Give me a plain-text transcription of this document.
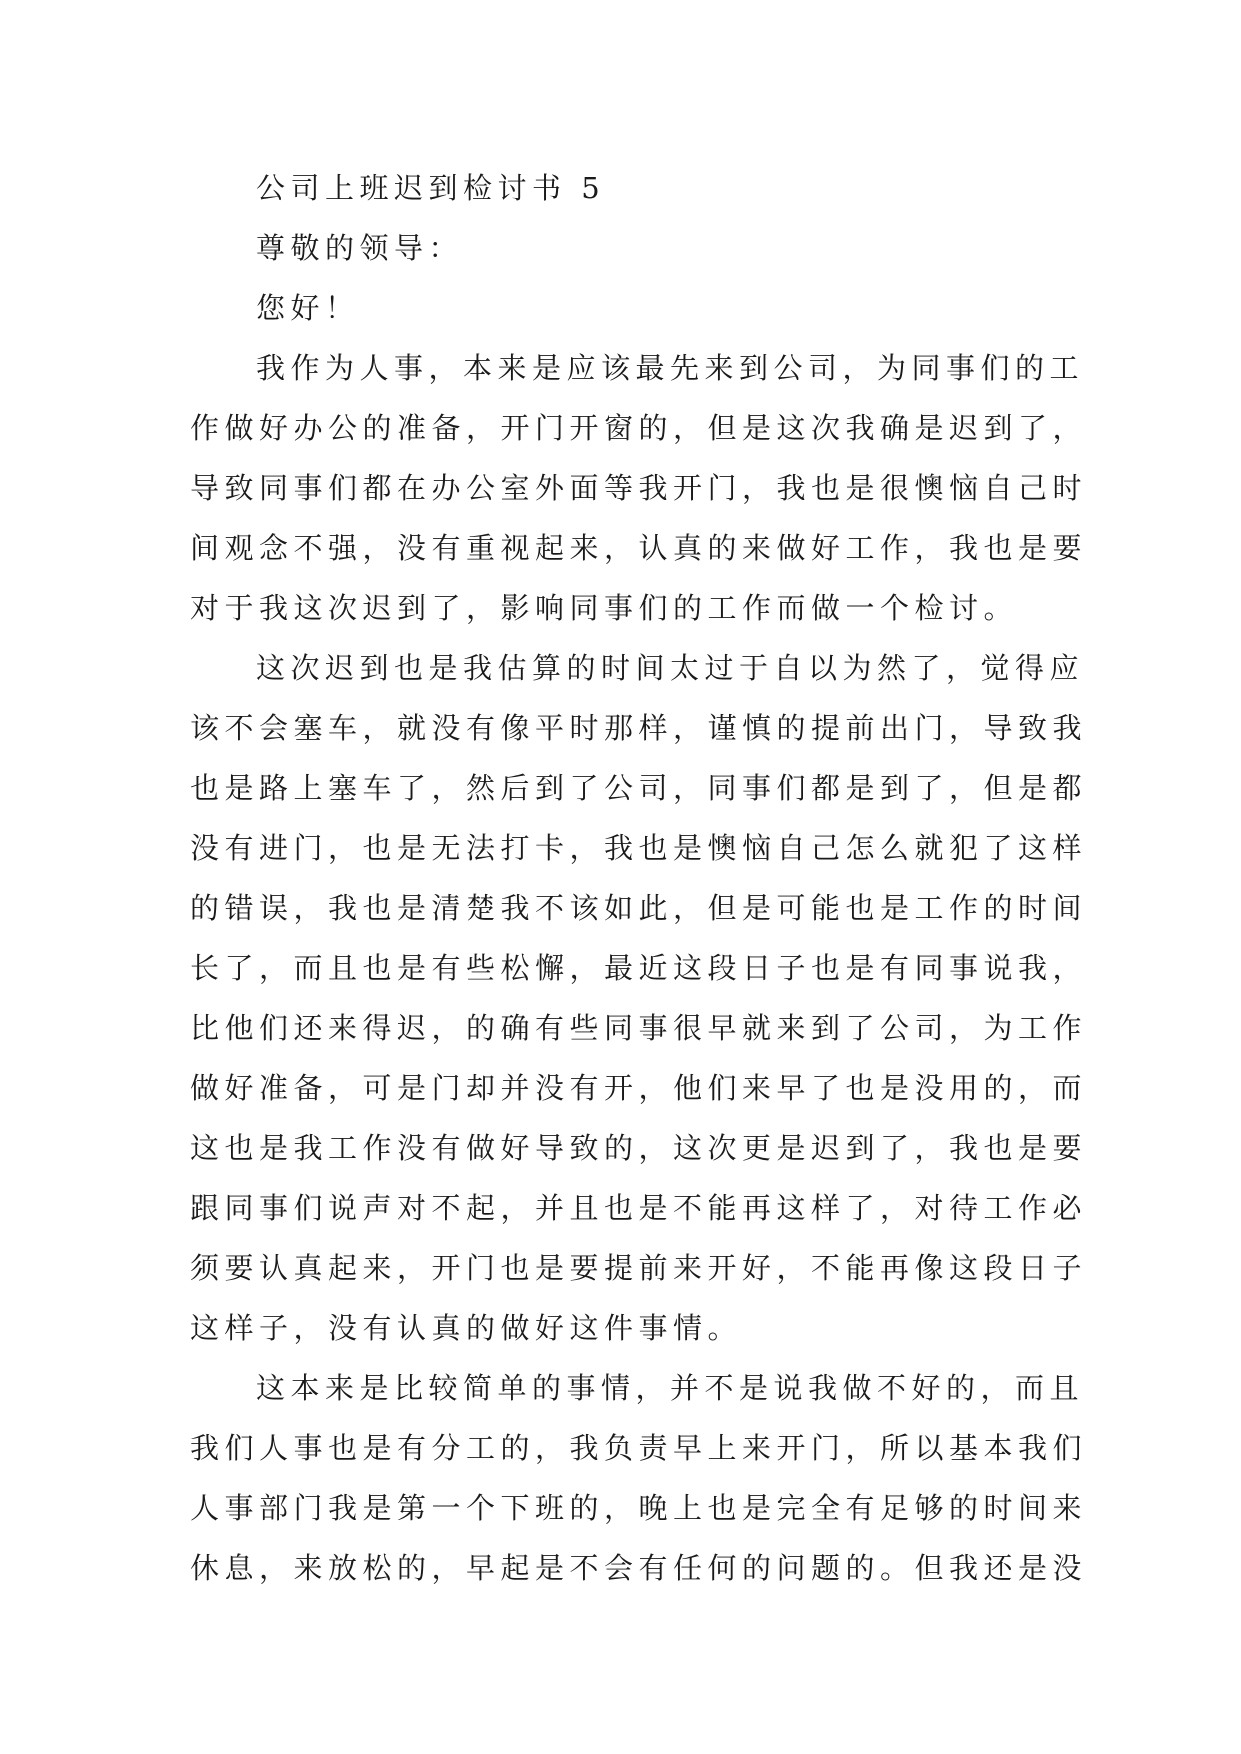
公司上班迟到检讨书 5

尊敬的领导：

您好！

我作为人事，本来是应该最先来到公司，为同事们的工

作做好办公的准备，开门开窗的，但是这次我确是迟到了，

导致同事们都在办公室外面等我开门，我也是很懊恼自己时

间观念不强，没有重视起来，认真的来做好工作，我也是要

对于我这次迟到了，影响同事们的工作而做一个检讨。

这次迟到也是我估算的时间太过于自以为然了，觉得应

该不会塞车，就没有像平时那样，谨慎的提前出门，导致我

也是路上塞车了，然后到了公司，同事们都是到了，但是都

没有进门，也是无法打卡，我也是懊恼自己怎么就犯了这样

的错误，我也是清楚我不该如此，但是可能也是工作的时间

长了，而且也是有些松懈，最近这段日子也是有同事说我，

比他们还来得迟，的确有些同事很早就来到了公司，为工作

做好准备，可是门却并没有开，他们来早了也是没用的，而

这也是我工作没有做好导致的，这次更是迟到了，我也是要

跟同事们说声对不起，并且也是不能再这样了，对待工作必

须要认真起来，开门也是要提前来开好，不能再像这段日子

这样子，没有认真的做好这件事情。

这本来是比较简单的事情，并不是说我做不好的，而且

我们人事也是有分工的，我负责早上来开门，所以基本我们

人事部门我是第一个下班的，晚上也是完全有足够的时间来

休息，来放松的，早起是不会有任何的问题的。但我还是没
